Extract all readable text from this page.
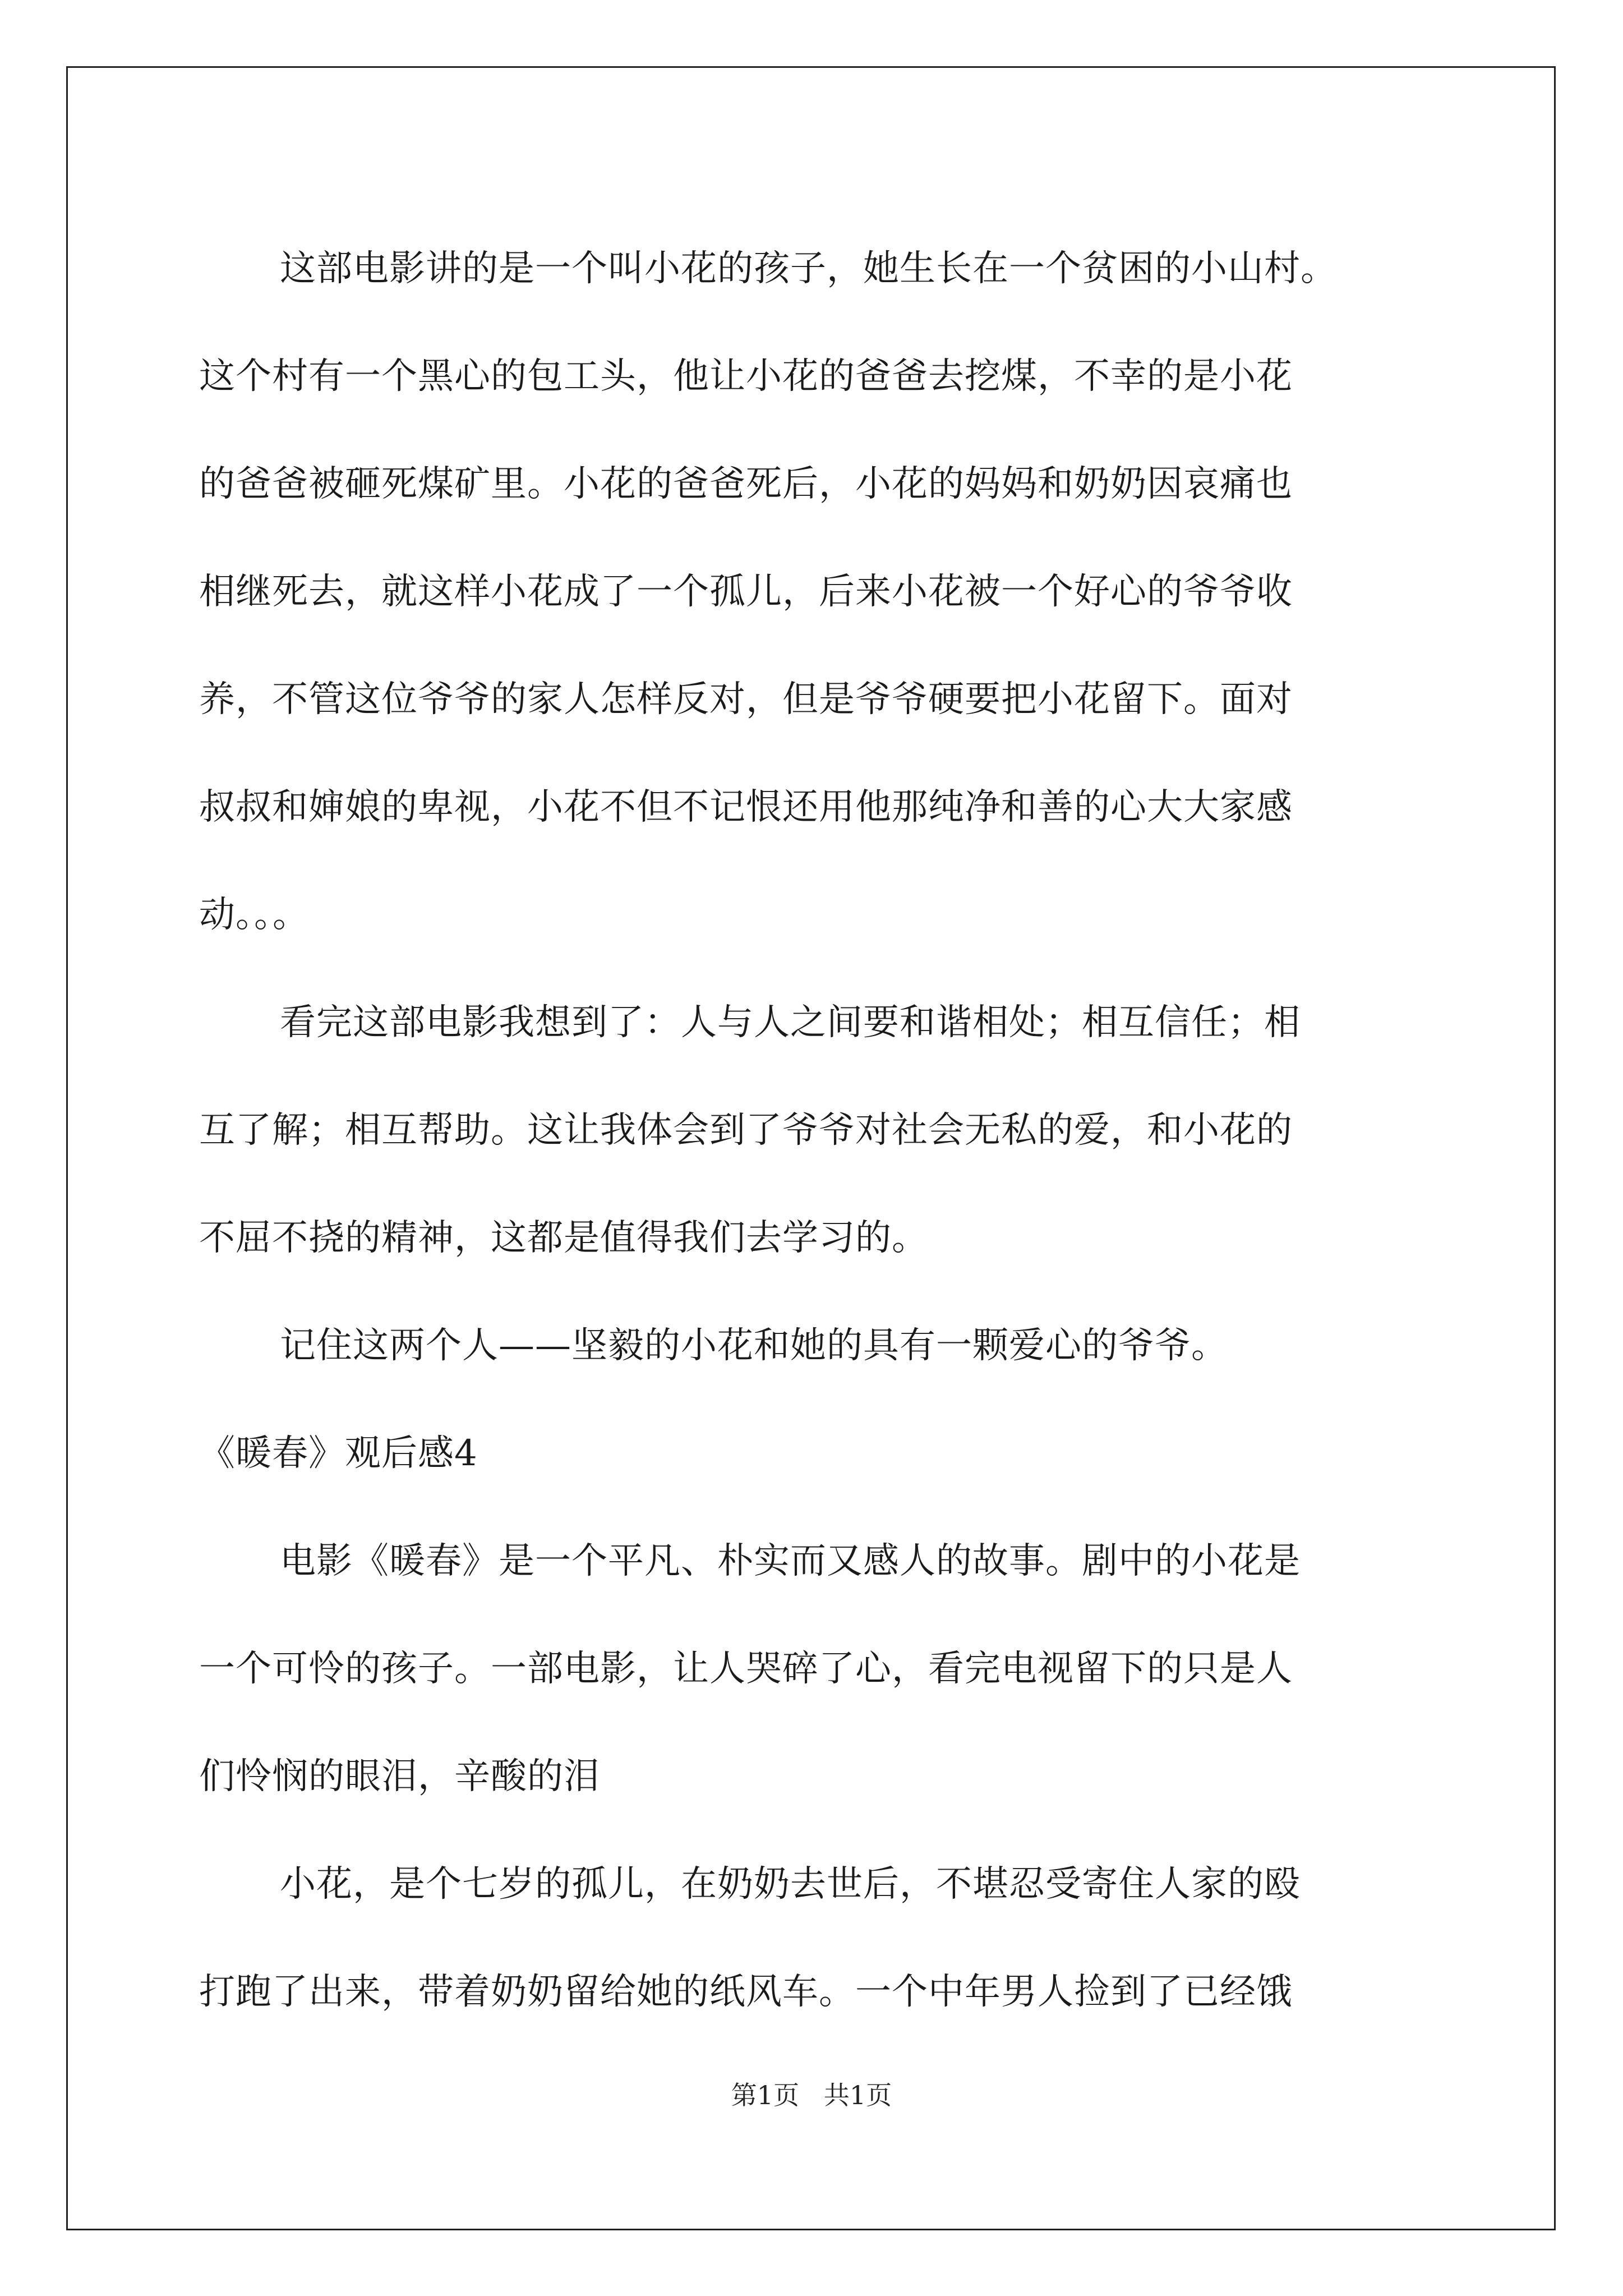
这部电影讲的是一个叫小花的孩子，她生长在一个贫困的小山村。
这个村有一个黑心的包工头，他让小花的爸爸去挖煤，不幸的是小花
的爸爸被砸死煤矿里。小花的爸爸死后，小花的妈妈和奶奶因哀痛也
相继死去，就这样小花成了一个孤儿，后来小花被一个好心的爷爷收
养，不管这位爷爷的家人怎样反对，但是爷爷硬要把小花留下。面对
叔叔和婶娘的卑视，小花不但不记恨还用他那纯净和善的心大大家感
动。。。
看完这部电影我想到了：人与人之间要和谐相处；相互信任；相
互了解；相互帮助。这让我体会到了爷爷对社会无私的爱，和小花的
不屈不挠的精神，这都是值得我们去学习的。
记住这两个人——坚毅的小花和她的具有一颗爱心的爷爷。
《暖春》观后感4
电影《暖春》是一个平凡、朴实而又感人的故事。剧中的小花是
一个可怜的孩子。一部电影，让人哭碎了心，看完电视留下的只是人
们怜悯的眼泪，辛酸的泪
小花，是个七岁的孤儿，在奶奶去世后，不堪忍受寄住人家的殴
打跑了出来，带着奶奶留给她的纸风车。一个中年男人捡到了已经饿
第1页   共1页
